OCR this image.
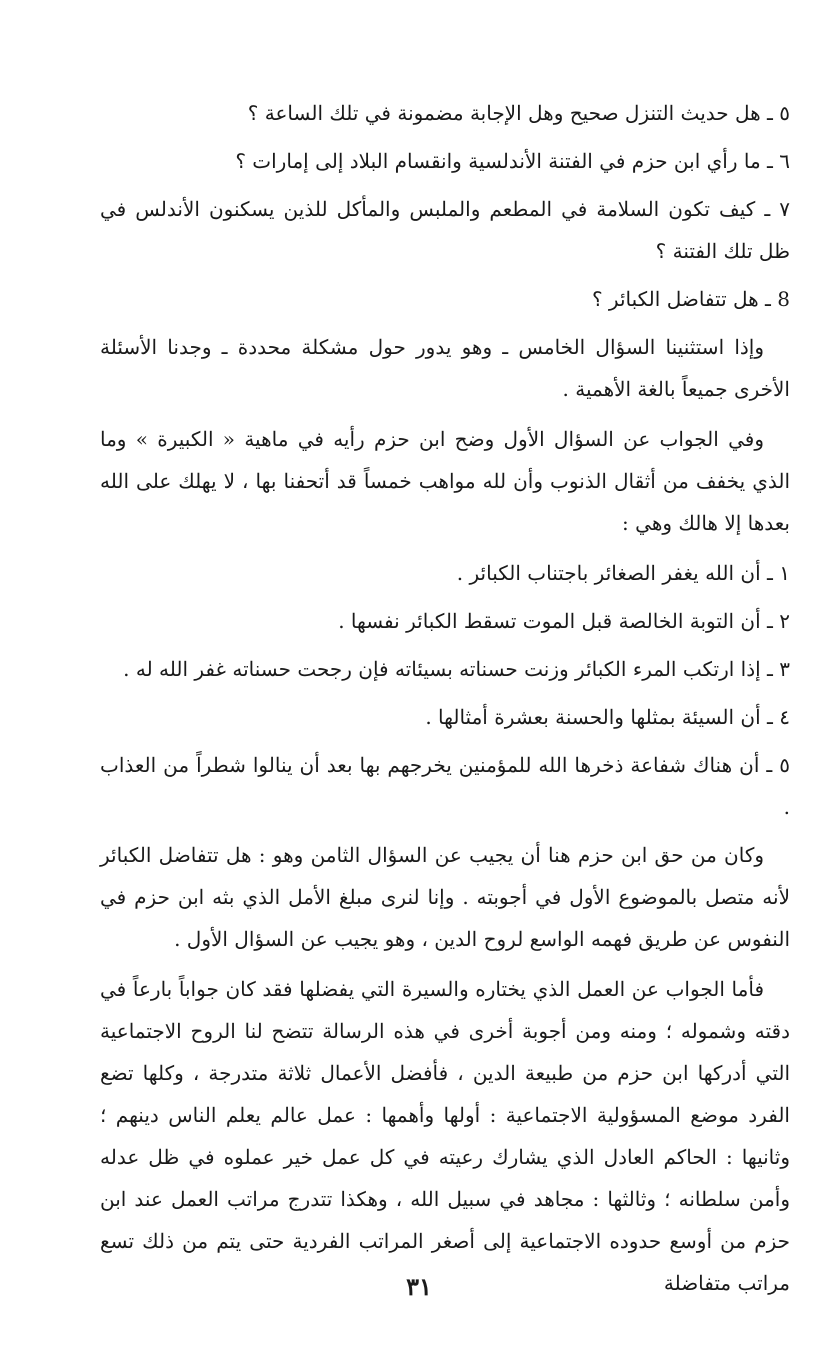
٥ ـ هل حديث التنزل صحيح وهل الإجابة مضمونة في تلك الساعة ؟

٦ ـ ما رأي ابن حزم في الفتنة الأندلسية وانقسام البلاد إلى إمارات ؟

٧ ـ كيف تكون السلامة في المطعم والملبس والمأكل للذين يسكنون الأندلس في ظل تلك الفتنة ؟

8 ـ هل تتفاضل الكبائر ؟

وإذا استثنينا السؤال الخامس ـ وهو يدور حول مشكلة محددة ـ وجدنا الأسئلة الأخرى جميعاً بالغة الأهمية .

وفي الجواب عن السؤال الأول وضح ابن حزم رأيه في ماهية « الكبيرة » وما الذي يخفف من أثقال الذنوب وأن لله مواهب خمساً قد أتحفنا بها ، لا يهلك على الله بعدها إلا هالك وهي :

١ ـ أن الله يغفر الصغائر باجتناب الكبائر .

٢ ـ أن التوبة الخالصة قبل الموت تسقط الكبائر نفسها .

٣ ـ إذا ارتكب المرء الكبائر وزنت حسناته بسيئاته فإن رجحت حسناته غفر الله له .

٤ ـ أن السيئة بمثلها والحسنة بعشرة أمثالها .

٥ ـ أن هناك شفاعة ذخرها الله للمؤمنين يخرجهم بها بعد أن ينالوا شطراً من العذاب .

وكان من حق ابن حزم هنا أن يجيب عن السؤال الثامن وهو : هل تتفاضل الكبائر لأنه متصل بالموضوع الأول في أجوبته . وإنا لنرى مبلغ الأمل الذي بثه ابن حزم في النفوس عن طريق فهمه الواسع لروح الدين ، وهو يجيب عن السؤال الأول .

فأما الجواب عن العمل الذي يختاره والسيرة التي يفضلها فقد كان جواباً بارعاً في دقته وشموله ؛ ومنه ومن أجوبة أخرى في هذه الرسالة تتضح لنا الروح الاجتماعية التي أدركها ابن حزم من طبيعة الدين ، فأفضل الأعمال ثلاثة متدرجة ، وكلها تضع الفرد موضع المسؤولية الاجتماعية : أولها وأهمها : عمل عالم يعلم الناس دينهم ؛ وثانيها : الحاكم العادل الذي يشارك رعيته في كل عمل خير عملوه في ظل عدله وأمن سلطانه ؛ وثالثها : مجاهد في سبيل الله ، وهكذا تتدرج مراتب العمل عند ابن حزم من أوسع حدوده الاجتماعية إلى أصغر المراتب الفردية حتى يتم من ذلك تسع مراتب متفاضلة

٣١
